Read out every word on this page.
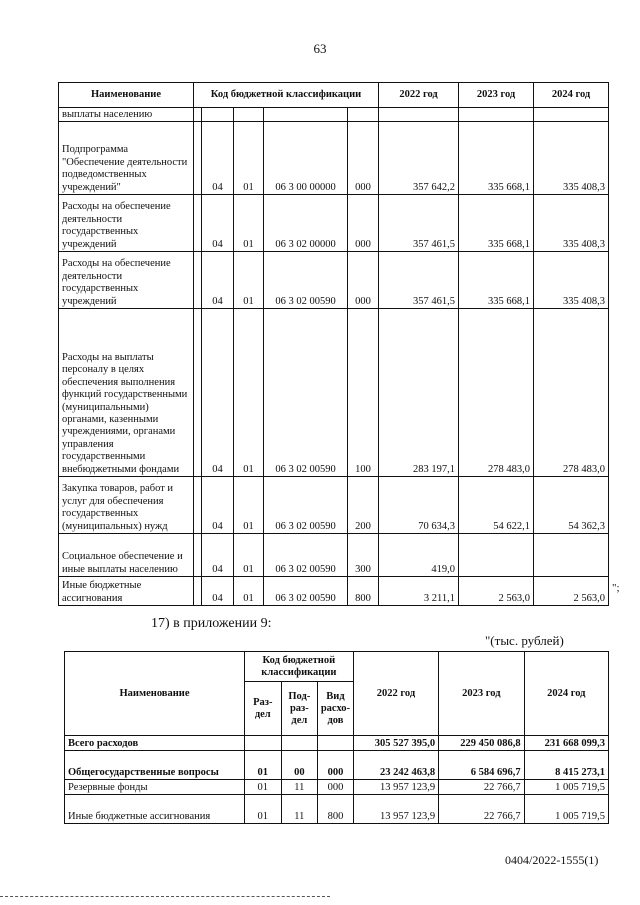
63
Наименование	Код бюджетной классификации					2022 год	2023 год	2024 год
выплаты населению								
Подпрограмма "Обеспечение деятельности подведомственных учреждений"		04	01	06 3 00 00000	000	357 642,2	335 668,1	335 408,3
Расходы на обеспечение деятельности государственных учреждений		04	01	06 3 02 00000	000	357 461,5	335 668,1	335 408,3
Расходы на обеспечение деятельности государственных учреждений		04	01	06 3 02 00590	000	357 461,5	335 668,1	335 408,3
Расходы на выплаты персоналу в целях обеспечения выполнения функций государственными (муниципальными) органами, казенными учреждениями, органами управления государственными внебюджетными фондами		04	01	06 3 02 00590	100	283 197,1	278 483,0	278 483,0
Закупка товаров, работ и услуг для обеспечения государственных (муниципальных) нужд		04	01	06 3 02 00590	200	70 634,3	54 622,1	54 362,3
Социальное обеспечение и иные выплаты населению		04	01	06 3 02 00590	300	419,0		
Иные бюджетные ассигнования		04	01	06 3 02 00590	800	3 211,1	2 563,0	2 563,0
";
17) в приложении 9:
"(тыс. рублей)
Наименование	Код бюджетной классификации			2022 год	2023 год	2024 год
	Раз-дел	Под-раз-дел	Вид расхо-дов			
Всего расходов				305 527 395,0	229 450 086,8	231 668 099,3
Общегосударственные вопросы	01	00	000	23 242 463,8	6 584 696,7	8 415 273,1
Резервные фонды	01	11	000	13 957 123,9	22 766,7	1 005 719,5
Иные бюджетные ассигнования	01	11	800	13 957 123,9	22 766,7	1 005 719,5
0404/2022-1555(1)
